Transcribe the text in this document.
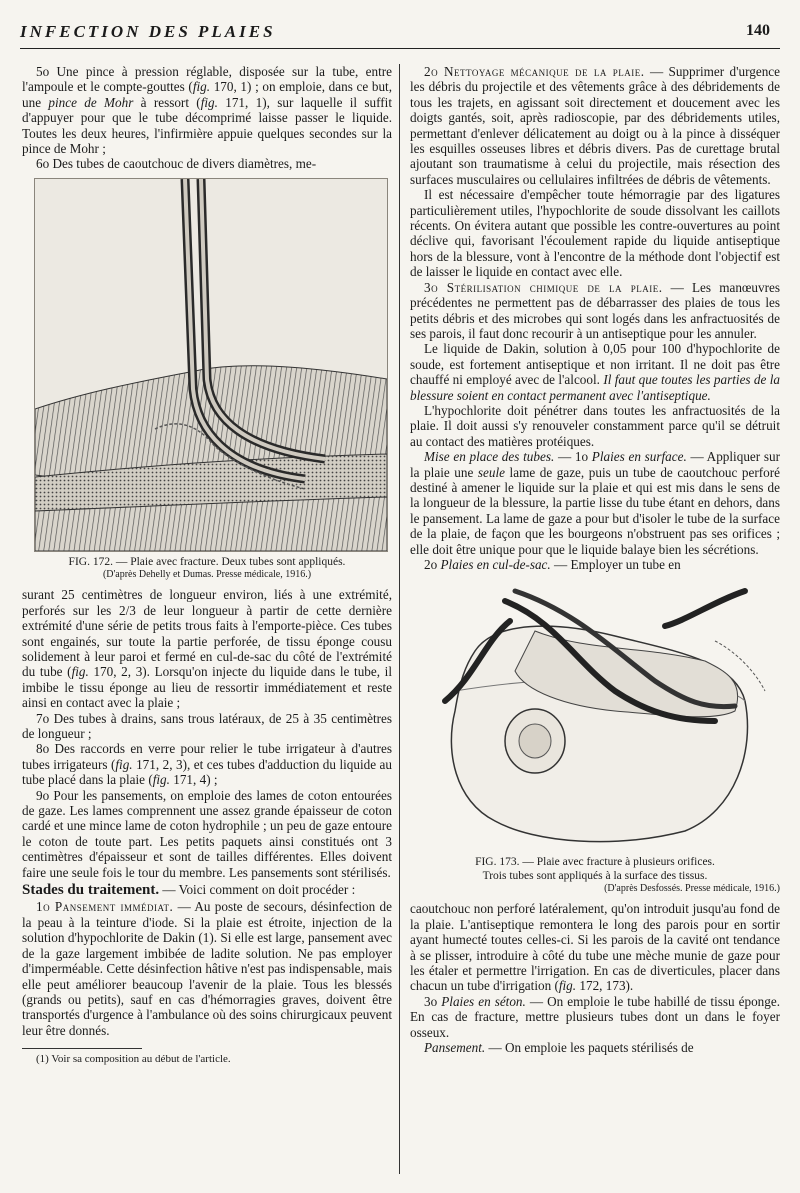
INFECTION DES PLAIES	140

5o Une pince à pression réglable, disposée sur la tube, entre l'ampoule et le compte-gouttes (fig. 170, 1) ; on emploie, dans ce but, une pince de Mohr à ressort (fig. 171, 1), sur laquelle il suffit d'appuyer pour que le tube décomprimé laisse passer le liquide. Toutes les deux heures, l'infirmière appuie quelques secondes sur la pince de Mohr ;

6o Des tubes de caoutchouc de divers diamètres, me-

FIG. 172. — Plaie avec fracture. Deux tubes sont appliqués.
(D'après Dehelly et Dumas. Presse médicale, 1916.)

surant 25 centimètres de longueur environ, liés à une extrémité, perforés sur les 2/3 de leur longueur à partir de cette dernière extrémité d'une série de petits trous faits à l'emporte-pièce. Ces tubes sont engainés, sur toute la partie perforée, de tissu éponge cousu solidement à leur paroi et fermé en cul-de-sac du côté de l'extrémité du tube (fig. 170, 2, 3). Lorsqu'on injecte du liquide dans le tube, il imbibe le tissu éponge au lieu de ressortir immédiatement et reste ainsi en contact avec la plaie ;

7o Des tubes à drains, sans trous latéraux, de 25 à 35 centimètres de longueur ;

8o Des raccords en verre pour relier le tube irrigateur à d'autres tubes irrigateurs (fig. 171, 2, 3), et ces tubes d'adduction du liquide au tube placé dans la plaie (fig. 171, 4) ;

9o Pour les pansements, on emploie des lames de coton entourées de gaze. Les lames comprennent une assez grande épaisseur de coton cardé et une mince lame de coton hydrophile ; un peu de gaze entoure le coton de toute part. Les petits paquets ainsi constitués ont 3 centimètres d'épaisseur et sont de tailles différentes. Elles doivent faire une seule fois le tour du membre. Les pansements sont stérilisés.

Stades du traitement. — Voici comment on doit procéder :

1o Pansement immédiat. — Au poste de secours, désinfection de la peau à la teinture d'iode. Si la plaie est étroite, injection de la solution d'hypochlorite de Dakin (1). Si elle est large, pansement avec de la gaze largement imbibée de ladite solution. Ne pas employer d'imperméable. Cette désinfection hâtive n'est pas indispensable, mais elle peut améliorer beaucoup l'avenir de la plaie. Tous les blessés (grands ou petits), sauf en cas d'hémorragies graves, doivent être transportés d'urgence à l'ambulance où des soins chirurgicaux peuvent leur être donnés.

(1) Voir sa composition au début de l'article.

2o Nettoyage mécanique de la plaie. — Supprimer d'urgence les débris du projectile et des vêtements grâce à des débridements de tous les trajets, en agissant soit directement et doucement avec les doigts gantés, soit, après radioscopie, par des débridements utiles, permettant d'enlever délicatement au doigt ou à la pince à disséquer les esquilles osseuses libres et débris divers. Pas de curettage brutal ajoutant son traumatisme à celui du projectile, mais résection des surfaces musculaires ou cellulaires infiltrées de débris de vêtements.

Il est nécessaire d'empêcher toute hémorragie par des ligatures particulièrement utiles, l'hypochlorite de soude dissolvant les caillots récents. On évitera autant que possible les contre-ouvertures au point déclive qui, favorisant l'écoulement rapide du liquide antiseptique hors de la blessure, vont à l'encontre de la méthode dont l'objectif est de laisser le liquide en contact avec elle.

3o Stérilisation chimique de la plaie. — Les manœuvres précédentes ne permettent pas de débarrasser des plaies de tous les petits débris et des microbes qui sont logés dans les anfractuosités de ses parois, il faut donc recourir à un antiseptique pour les annuler.

Le liquide de Dakin, solution à 0,05 pour 100 d'hypochlorite de soude, est fortement antiseptique et non irritant. Il ne doit pas être chauffé ni employé avec de l'alcool. Il faut que toutes les parties de la blessure soient en contact permanent avec l'antiseptique.

L'hypochlorite doit pénétrer dans toutes les anfractuosités de la plaie. Il doit aussi s'y renouveler constamment parce qu'il se détruit au contact des matières protéiques.

Mise en place des tubes. — 1o Plaies en surface. — Appliquer sur la plaie une seule lame de gaze, puis un tube de caoutchouc perforé destiné à amener le liquide sur la plaie et qui est mis dans le sens de la longueur de la blessure, la partie lisse du tube étant en dehors, dans le pansement. La lame de gaze a pour but d'isoler le tube de la surface de la plaie, de façon que les bourgeons n'obstruent pas ses orifices ; elle doit être unique pour que le liquide balaye bien les sécrétions.

2o Plaies en cul-de-sac. — Employer un tube en

FIG. 173. — Plaie avec fracture à plusieurs orifices.
Trois tubes sont appliqués à la surface des tissus.
(D'après Desfossés. Presse médicale, 1916.)

caoutchouc non perforé latéralement, qu'on introduit jusqu'au fond de la plaie. L'antiseptique remontera le long des parois pour en sortir ayant humecté toutes celles-ci. Si les parois de la cavité ont tendance à se plisser, introduire à côté du tube une mèche munie de gaze pour les étaler et permettre l'irrigation. En cas de diverticules, placer dans chacun un tube d'irrigation (fig. 172, 173).

3o Plaies en séton. — On emploie le tube habillé de tissu éponge. En cas de fracture, mettre plusieurs tubes dont un dans le foyer osseux.

Pansement. — On emploie les paquets stérilisés de
